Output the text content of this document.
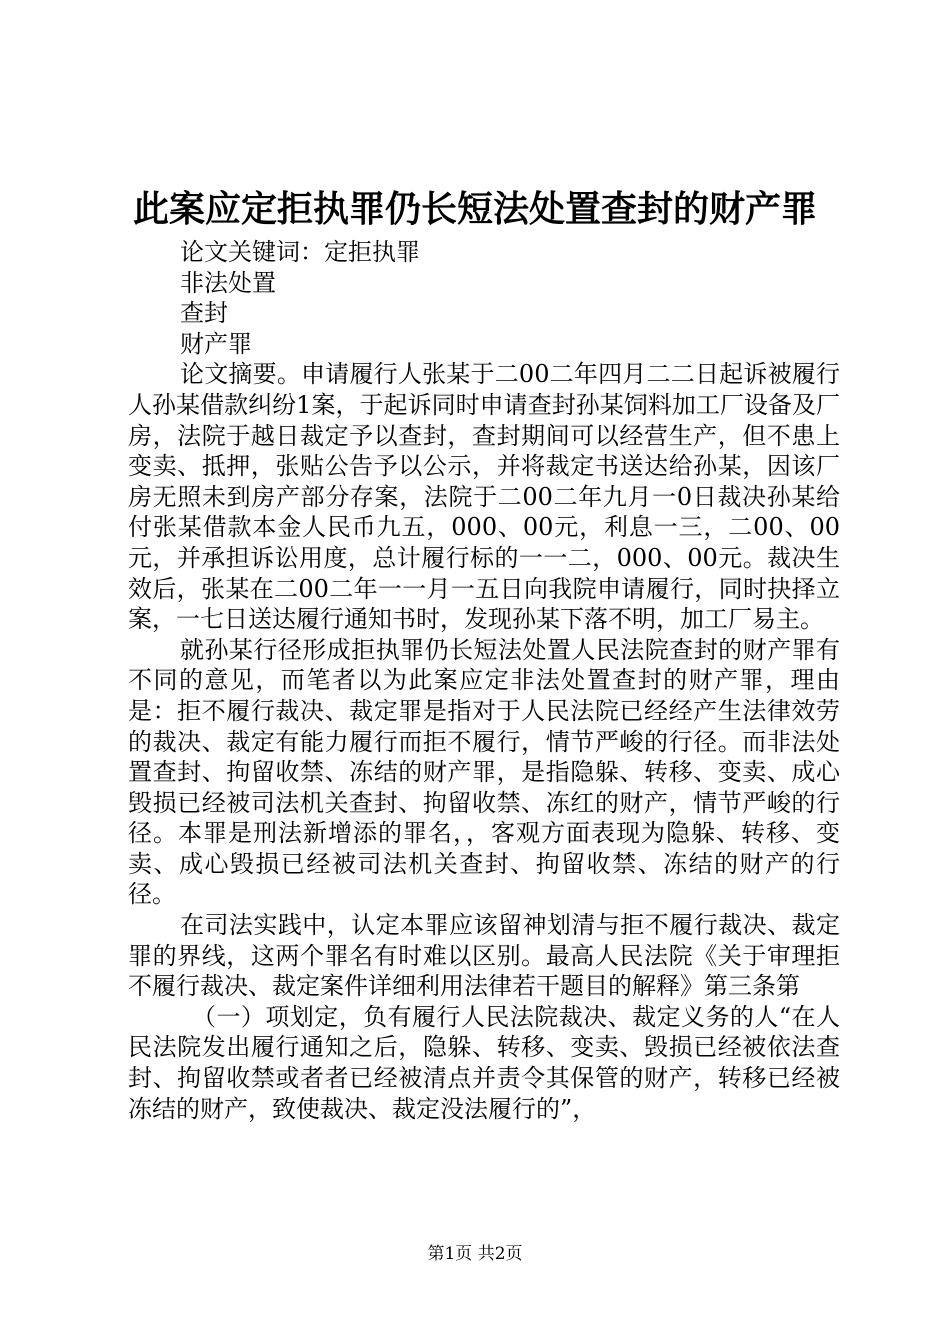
此案应定拒执罪仍长短法处置查封的财产罪

论文关键词：定拒执罪

非法处置

查封

财产罪

论文摘要。申请履行人张某于二00二年四月二二日起诉被履行人孙某借款纠纷1案，于起诉同时申请查封孙某饲料加工厂设备及厂房，法院于越日裁定予以查封，查封期间可以经营生产，但不患上变卖、抵押，张贴公告予以公示，并将裁定书送达给孙某，因该厂房无照未到房产部分存案，法院于二00二年九月一0日裁决孙某给付张某借款本金人民币九五，000、00元，利息一三，二00、00元，并承担诉讼用度，总计履行标的一一二，000、00元。裁决生效后，张某在二00二年一一月一五日向我院申请履行，同时抉择立案，一七日送达履行通知书时，发现孙某下落不明，加工厂易主。

就孙某行径形成拒执罪仍长短法处置人民法院查封的财产罪有不同的意见，而笔者以为此案应定非法处置查封的财产罪，理由是：拒不履行裁决、裁定罪是指对于人民法院已经经产生法律效劳的裁决、裁定有能力履行而拒不履行，情节严峻的行径。而非法处置查封、拘留收禁、冻结的财产罪，是指隐躲、转移、变卖、成心毁损已经被司法机关查封、拘留收禁、冻红的财产，情节严峻的行径。本罪是刑法新增添的罪名，，客观方面表现为隐躲、转移、变卖、成心毁损已经被司法机关查封、拘留收禁、冻结的财产的行径。

在司法实践中，认定本罪应该留神划清与拒不履行裁决、裁定罪的界线，这两个罪名有时难以区别。最高人民法院《关于审理拒不履行裁决、裁定案件详细利用法律若干题目的解释》第三条第

（一）项划定，负有履行人民法院裁决、裁定义务的人“在人民法院发出履行通知之后，隐躲、转移、变卖、毁损已经被依法查封、拘留收禁或者者已经被清点并责令其保管的财产，转移已经被冻结的财产，致使裁决、裁定没法履行的”，

第1页 共2页
